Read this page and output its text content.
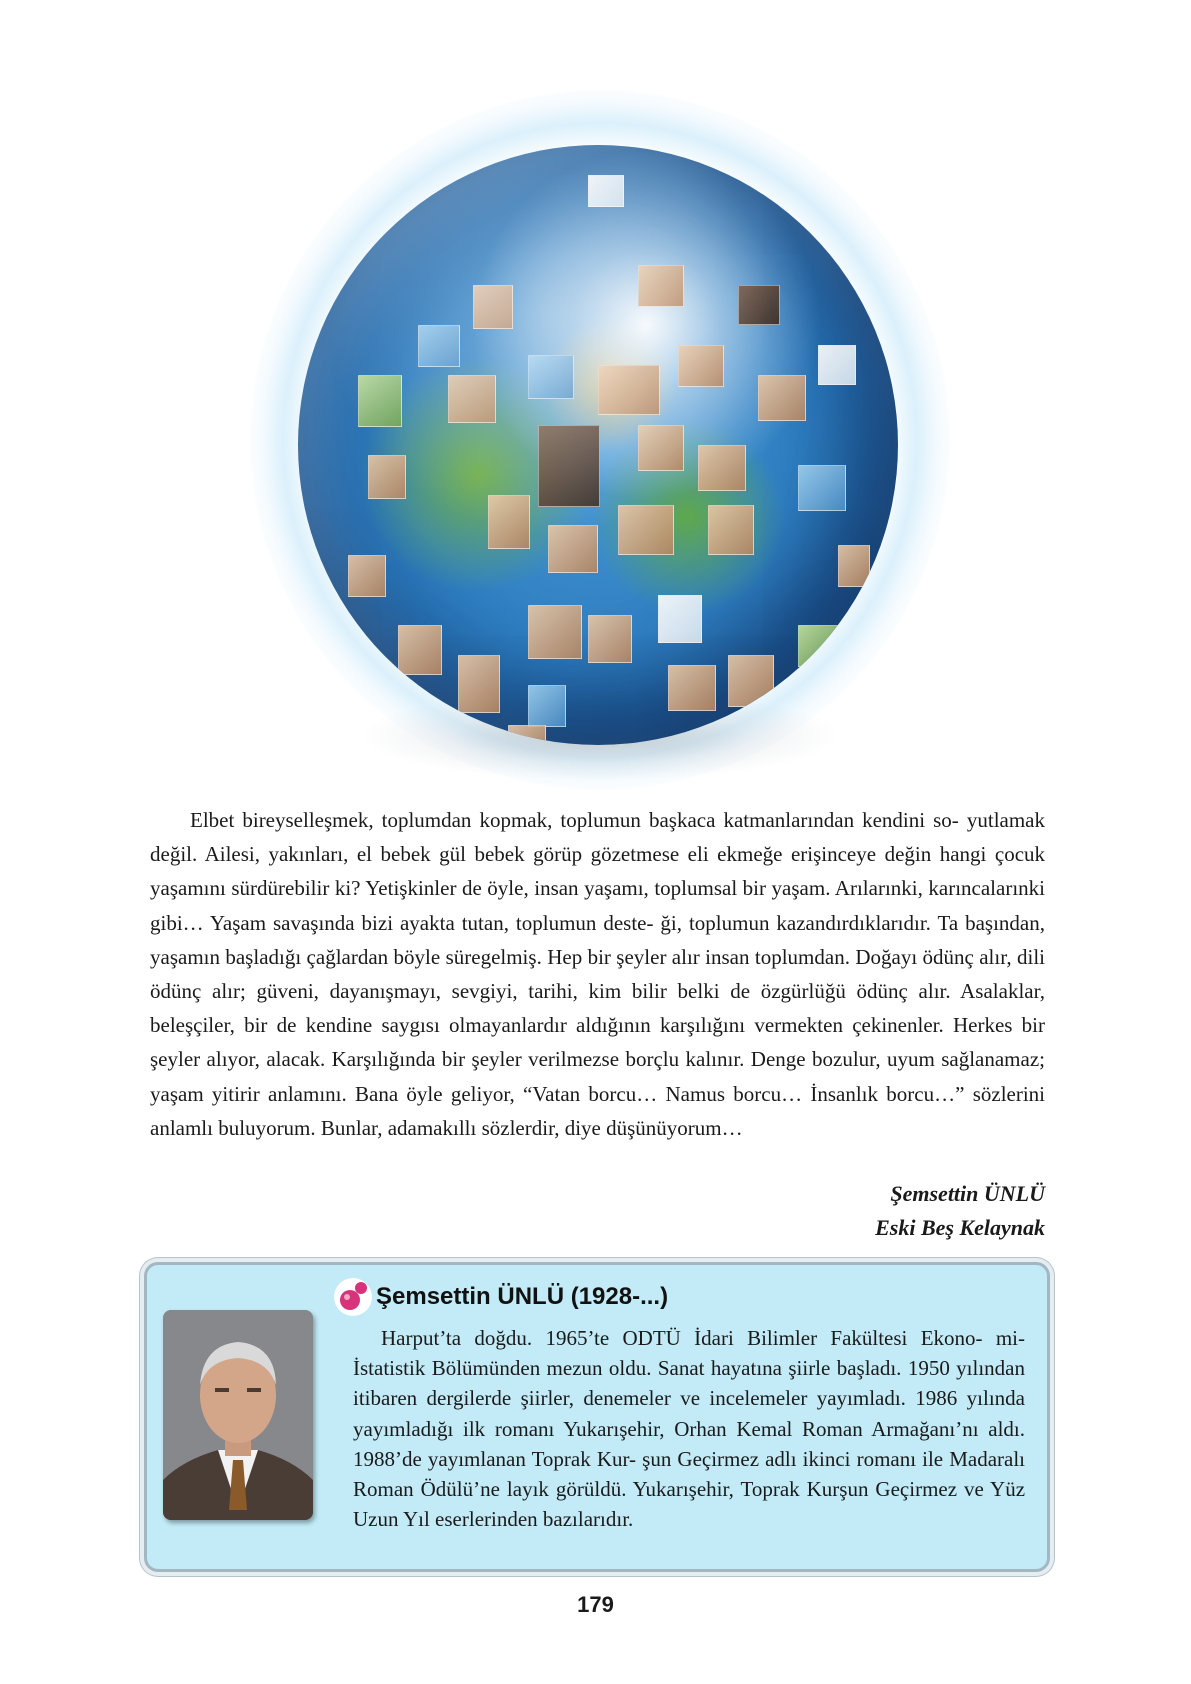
Elbet bireyselleşmek, toplumdan kopmak, toplumun başkaca katmanlarından kendini so- yutlamak değil. Ailesi, yakınları, el bebek gül bebek görüp gözetmese eli ekmeğe erişinceye değin hangi çocuk yaşamını sürdürebilir ki? Yetişkinler de öyle, insan yaşamı, toplumsal bir yaşam. Arılarınki, karıncalarınki gibi… Yaşam savaşında bizi ayakta tutan, toplumun deste- ği, toplumun kazandırdıklarıdır. Ta başından, yaşamın başladığı çağlardan böyle süregelmiş. Hep bir şeyler alır insan toplumdan. Doğayı ödünç alır, dili ödünç alır; güveni, dayanışmayı, sevgiyi, tarihi, kim bilir belki de özgürlüğü ödünç alır. Asalaklar, beleşçiler, bir de kendine saygısı olmayanlardır aldığının karşılığını vermekten çekinenler. Herkes bir şeyler alıyor, alacak. Karşılığında bir şeyler verilmezse borçlu kalınır. Denge bozulur, uyum sağlanamaz; yaşam yitirir anlamını. Bana öyle geliyor, “Vatan borcu… Namus borcu… İnsanlık borcu…” sözlerini anlamlı buluyorum. Bunlar, adamakıllı sözlerdir, diye düşünüyorum…
Şemsettin ÜNLÜ
Eski Beş Kelaynak
Şemsettin ÜNLÜ (1928-...)
Harput’ta doğdu. 1965’te ODTÜ İdari Bilimler Fakültesi Ekono- mi-İstatistik Bölümünden mezun oldu. Sanat hayatına şiirle başladı. 1950 yılından itibaren dergilerde şiirler, denemeler ve incelemeler yayımladı. 1986 yılında yayımladığı ilk romanı Yukarışehir, Orhan Kemal Roman Armağanı’nı aldı. 1988’de yayımlanan Toprak Kur- şun Geçirmez adlı ikinci romanı ile Madaralı Roman Ödülü’ne layık görüldü. Yukarışehir, Toprak Kurşun Geçirmez ve Yüz Uzun Yıl eserlerinden bazılarıdır.
179
